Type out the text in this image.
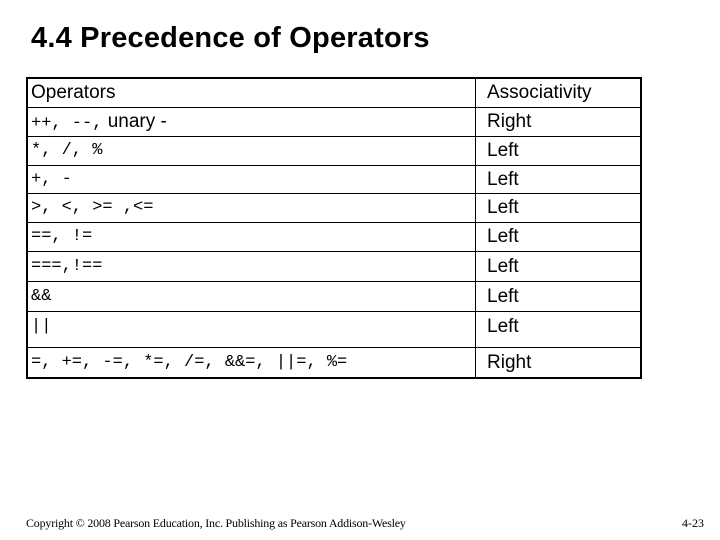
4.4 Precedence of Operators
Operators	Associativity
++, --, unary -	Right
*, /, %	Left
+, -	Left
>, <, >= ,<=	Left
==, !=	Left
===,!==	Left
&&	Left
||	Left
=, +=, -=, *=, /=, &&=, ||=, %=	Right
Copyright © 2008 Pearson Education, Inc. Publishing as Pearson Addison-Wesley	4-23
